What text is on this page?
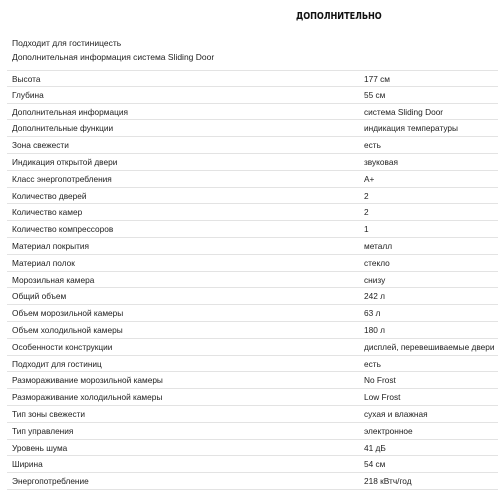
ДОПОЛНИТЕЛЬНО
Подходит для гостиницесть
Дополнительная информация система Sliding Door
Высота	177 см
Глубина	55 см
Дополнительная информация	система Sliding Door
Дополнительные функции	индикация температуры
Зона свежести	есть
Индикация открытой двери	звуковая
Класс энергопотребления	A+
Количество дверей	2
Количество камер	2
Количество компрессоров	1
Материал покрытия	металл
Материал полок	стекло
Морозильная камера	снизу
Общий объем	242 л
Объем морозильной камеры	63 л
Объем холодильной камеры	180 л
Особенности конструкции	дисплей, перевешиваемые двери
Подходит для гостиниц	есть
Размораживание морозильной камеры	No Frost
Размораживание холодильной камеры	Low Frost
Тип зоны свежести	сухая и влажная
Тип управления	электронное
Уровень шума	41 дБ
Ширина	54 см
Энергопотребление	218 кВтч/год
